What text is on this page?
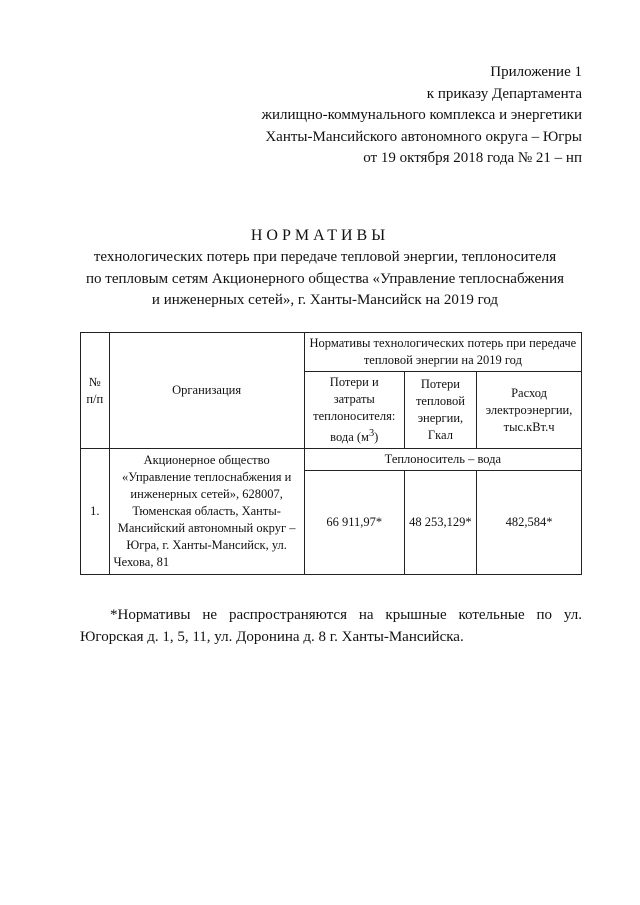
Приложение 1
к приказу Департамента
жилищно-коммунального комплекса и энергетики
Ханты-Мансийского автономного округа – Югры
от 19 октября 2018 года № 21 – нп
НОРМАТИВЫ
технологических потерь при передаче тепловой энергии, теплоносителя
по тепловым сетям Акционерного общества «Управление теплоснабжения
и инженерных сетей», г. Ханты-Мансийск на 2019 год
№ п/п	Организация	Нормативы технологических потерь при передаче тепловой энергии на 2019 год		
		Потери и затраты теплоносителя: вода $(м^3)$	Потери тепловой энергии, Гкал	Расход электроэнергии, тыс.кВт.ч
1.	Акционерное общество «Управление теплоснабжения и инженерных сетей», 628007, Тюменская область, Ханты-Мансийский автономный округ – Югра, г. Ханты-Мансийск, ул. Чехова, 81	Теплоноситель – вода		
		66 911,97*	48 253,129*	482,584*
*Нормативы не распространяются на крышные котельные по ул. Югорская д. 1, 5, 11, ул. Доронина д. 8 г. Ханты-Мансийска.
